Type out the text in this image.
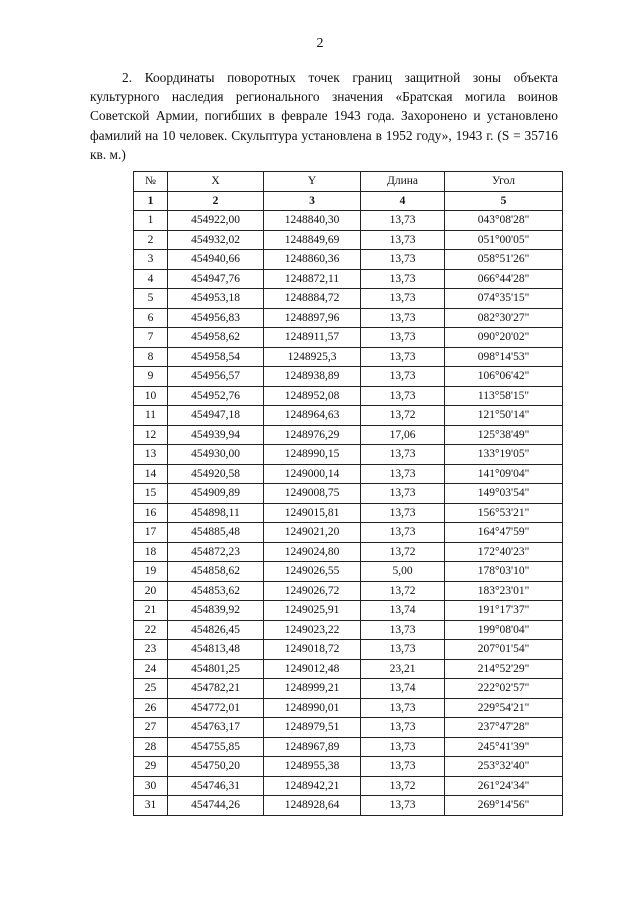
2

2. Координаты поворотных точек границ защитной зоны объекта культурного наследия регионального значения «Братская могила воинов Советской Армии, погибших в феврале 1943 года. Захоронено и установлено фамилий на 10 человек. Скульптура установлена в 1952 году», 1943 г. (S = 35716 кв. м.)

№	X	Y	Длина	Угол
1	2	3	4	5
1	454922,00	1248840,30	13,73	043°08'28"
2	454932,02	1248849,69	13,73	051°00'05"
3	454940,66	1248860,36	13,73	058°51'26"
4	454947,76	1248872,11	13,73	066°44'28"
5	454953,18	1248884,72	13,73	074°35'15"
6	454956,83	1248897,96	13,73	082°30'27"
7	454958,62	1248911,57	13,73	090°20'02"
8	454958,54	1248925,3	13,73	098°14'53"
9	454956,57	1248938,89	13,73	106°06'42"
10	454952,76	1248952,08	13,73	113°58'15"
11	454947,18	1248964,63	13,72	121°50'14"
12	454939,94	1248976,29	17,06	125°38'49"
13	454930,00	1248990,15	13,73	133°19'05"
14	454920,58	1249000,14	13,73	141°09'04"
15	454909,89	1249008,75	13,73	149°03'54"
16	454898,11	1249015,81	13,73	156°53'21"
17	454885,48	1249021,20	13,73	164°47'59"
18	454872,23	1249024,80	13,72	172°40'23"
19	454858,62	1249026,55	5,00	178°03'10"
20	454853,62	1249026,72	13,72	183°23'01"
21	454839,92	1249025,91	13,74	191°17'37"
22	454826,45	1249023,22	13,73	199°08'04"
23	454813,48	1249018,72	13,73	207°01'54"
24	454801,25	1249012,48	23,21	214°52'29"
25	454782,21	1248999,21	13,74	222°02'57"
26	454772,01	1248990,01	13,73	229°54'21"
27	454763,17	1248979,51	13,73	237°47'28"
28	454755,85	1248967,89	13,73	245°41'39"
29	454750,20	1248955,38	13,73	253°32'40"
30	454746,31	1248942,21	13,72	261°24'34"
31	454744,26	1248928,64	13,73	269°14'56"
